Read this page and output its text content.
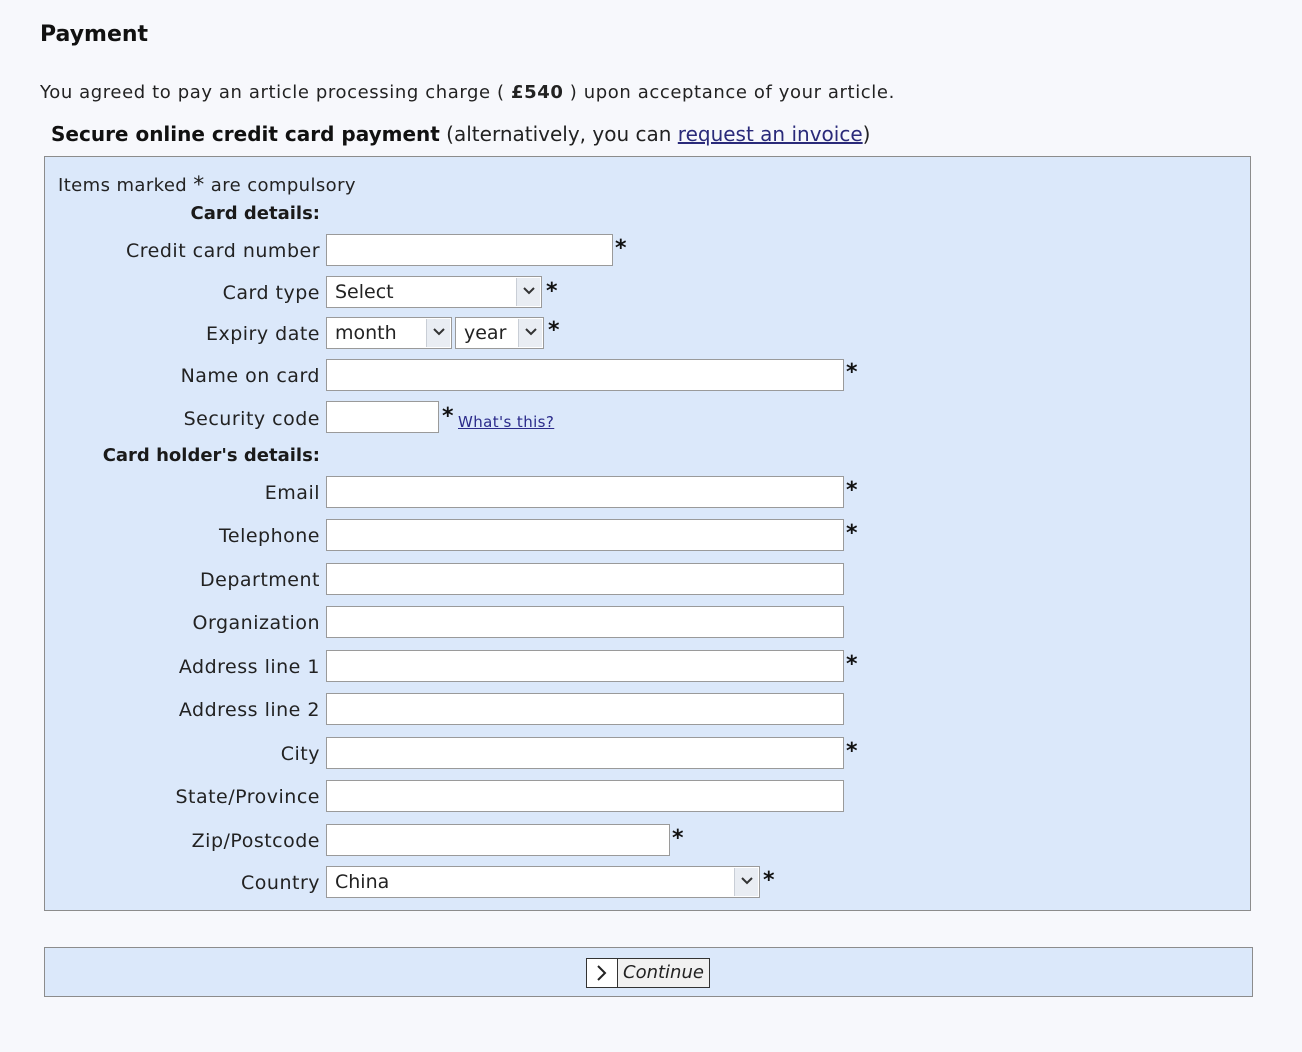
Payment
You agreed to pay an article processing charge ( £540 ) upon acceptance of your article.
Secure online credit card payment (alternatively, you can request an invoice)
Items marked * are compulsory
Card details:
Credit card number	*
Card type Select	*
Expiry date month	year	*
Name on card	*
Security code	* What's this?
Card holder's details:
Email	*
Telephone	*
Department
Organization
Address line 1	*
Address line 2
City	*
State/Province
Zip/Postcode	*
Country China	*
Continue
